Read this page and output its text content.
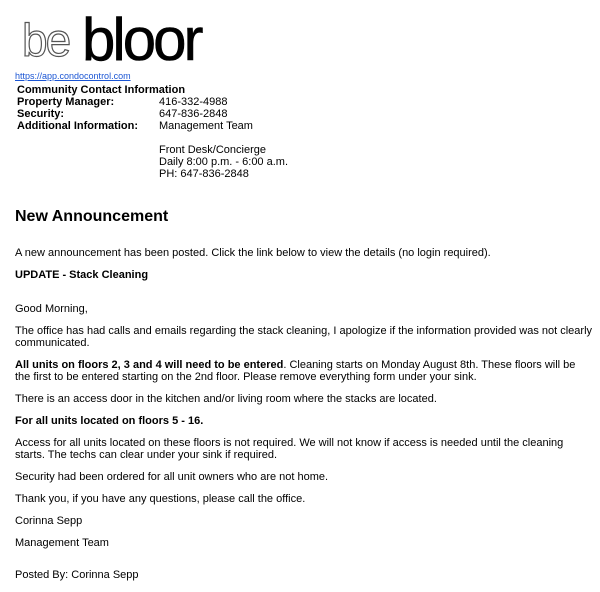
be bloor
https://app.condocontrol.com
Community Contact Information
Property Manager:	416-332-4988
Security:	647-836-2848
Additional Information:	Management Team
Front Desk/Concierge
Daily 8:00 p.m. - 6:00 a.m.
PH: 647-836-2848
New Announcement

A new announcement has been posted. Click the link below to view the details (no login required).

UPDATE - Stack Cleaning

Good Morning,

The office has had calls and emails regarding the stack cleaning, I apologize if the information provided was not clearly communicated.

All units on floors 2, 3 and 4 will need to be entered. Cleaning starts on Monday August 8th. These floors will be the first to be entered starting on the 2nd floor. Please remove everything form under your sink.

There is an access door in the kitchen and/or living room where the stacks are located.

For all units located on floors 5 - 16.

Access for all units located on these floors is not required. We will not know if access is needed until the cleaning starts. The techs can clear under your sink if required.

Security had been ordered for all unit owners who are not home.

Thank you, if you have any questions, please call the office.

Corinna Sepp

Management Team

Posted By: Corinna Sepp
